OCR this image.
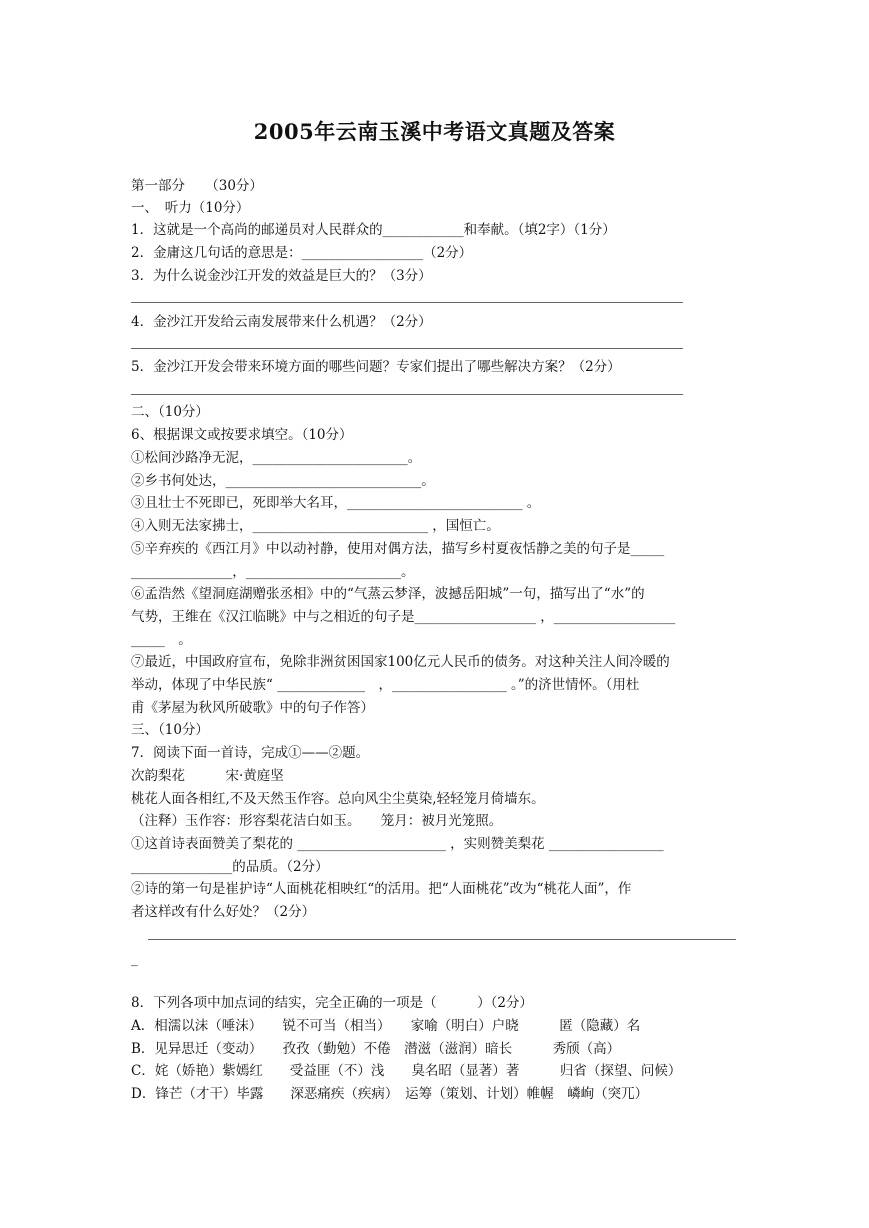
2005年云南玉溪中考语文真题及答案
第一部分　　（30分）
一、　听力（10分）
1．这就是一个高尚的邮递员对人民群众的____________和奉献。（填2字）（1分）
2．金庸这几句话的意思是：__________________（2分）
3．为什么说金沙江开发的效益是巨大的？（3分）
4．金沙江开发给云南发展带来什么机遇？（2分）
5．金沙江开发会带来环境方面的哪些问题？专家们提出了哪些解决方案？（2分）
二、（10分）
6、根据课文或按要求填空。（10分）
①松间沙路净无泥，_______________________。
②乡书何处达，_____________________________。
③且壮士不死即已，死即举大名耳，__________________________ 。
④入则无法家拂士，__________________________ ，国恒亡。
⑤辛弃疾的《西江月》中以动衬静，使用对偶方法，描写乡村夏夜恬静之美的句子是_____
_______________，_______________________。
⑥孟浩然《望洞庭湖赠张丞相》中的“气蒸云梦泽，波撼岳阳城”一句，描写出了“水”的
气势，王维在《汉江临眺》中与之相近的句子是__________________ ，__________________
_____　。
⑦最近，中国政府宣布，免除非洲贫困国家100亿元人民币的债务。对这种关注人间冷暖的
举动，体现了中华民族“ _____________　，_________________ 。”的济世情怀。（用杜
甫《茅屋为秋风所破歌》中的句子作答）
三、（10分）
7．阅读下面一首诗，完成①——②题。
次韵梨花　　　宋·黄庭坚
桃花人面各相红,不及天然玉作容。总向风尘尘莫染,轻轻笼月倚墙东。
（注释）玉作容：形容梨花洁白如玉。　　笼月：被月光笼照。
①这首诗表面赞美了梨花的 ______________________ ，实则赞美梨花 _________________
_______________的品质。（2分）
②诗的第一句是崔护诗“人面桃花相映红“的活用。把“人面桃花”改为“桃花人面”，作
者这样改有什么好处？（2分）
_
8．下列各项中加点词的结实，完全正确的一项是（　　　）（2分）
A．相濡以沫（唾沫）　　锐不可当（相当）　　家喻（明白）户晓　　　匿（隐藏）名
B．见异思迁（变动）　　孜孜（勤勉）不倦　潜滋（滋润）暗长　　　秀颀（高）
C．姹（娇艳）紫嫣红　　受益匪（不）浅　　臭名昭（显著）著　　　归省（探望、问候）
D．锋芒（才干）毕露　　深恶痛疾（疾病）　运筹（策划、计划）帷幄　嶙峋（突兀）
